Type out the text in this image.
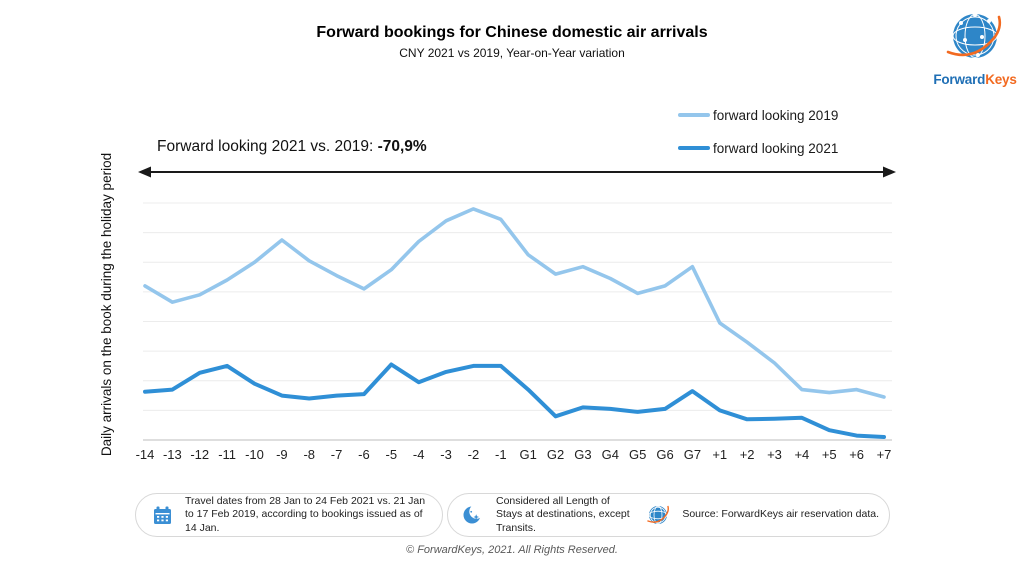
Forward bookings for Chinese domestic air arrivals
CNY 2021 vs 2019, Year-on-Year variation
ForwardKeys
forward looking 2019
forward looking 2021
Forward looking 2021 vs. 2019: -70,9%
Daily arrivals on the book during the holiday period	-14 -13 -12 -11 -10 -9	-8	-7	-6	-5	-4	-3	-2	-1 G1 G2 G3 G4 G5 G6 G7 +1 +2 +3 +4 +5 +6 +7
Travel dates from 28 Jan to 24 Feb 2021 vs. 21 Jan to 17 Feb 2019, according to bookings issued as of 14 Jan.
Considered all Length of Stays at destinations, except Transits.
Source: ForwardKeys air reservation data.
© ForwardKeys, 2021. All Rights Reserved.
